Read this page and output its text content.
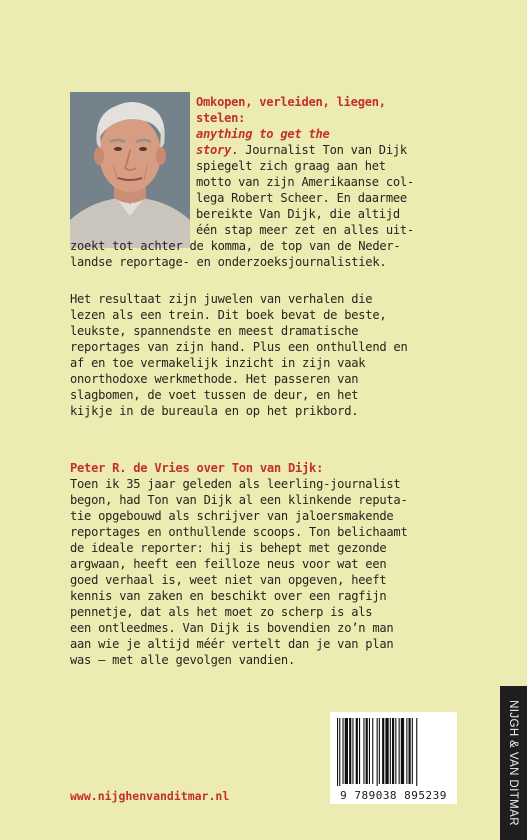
Omkopen, verleiden, liegen,
stelen:
anything to get the
story. Journalist Ton van Dijk
spiegelt zich graag aan het
motto van zijn Amerikaanse col-
lega Robert Scheer. En daarmee
bereikte Van Dijk, die altijd
één stap meer zet en alles uit-
zoekt tot achter de komma, de top van de Neder-
landse reportage- en onderzoeksjournalistiek.
Het resultaat zijn juwelen van verhalen die
lezen als een trein. Dit boek bevat de beste,
leukste, spannendste en meest dramatische
reportages van zijn hand. Plus een onthullend en
af en toe vermakelijk inzicht in zijn vaak
onorthodoxe werkmethode. Het passeren van
slagbomen, de voet tussen de deur, en het
kijkje in de bureaula en op het prikbord.
Peter R. de Vries over Ton van Dijk:
Toen ik 35 jaar geleden als leerling-journalist
begon, had Ton van Dijk al een klinkende reputa-
tie opgebouwd als schrijver van jaloersmakende
reportages en onthullende scoops. Ton belichaamt
de ideale reporter: hij is behept met gezonde
argwaan, heeft een feilloze neus voor wat een
goed verhaal is, weet niet van opgeven, heeft
kennis van zaken en beschikt over een ragfijn
pennetje, dat als het moet zo scherp is als
een ontleedmes. Van Dijk is bovendien zo’n man
aan wie je altijd méér vertelt dan je van plan
was – met alle gevolgen vandien.
9 789038 895239	NIJGH & VAN DITMAR
www.nijghenvanditmar.nl
